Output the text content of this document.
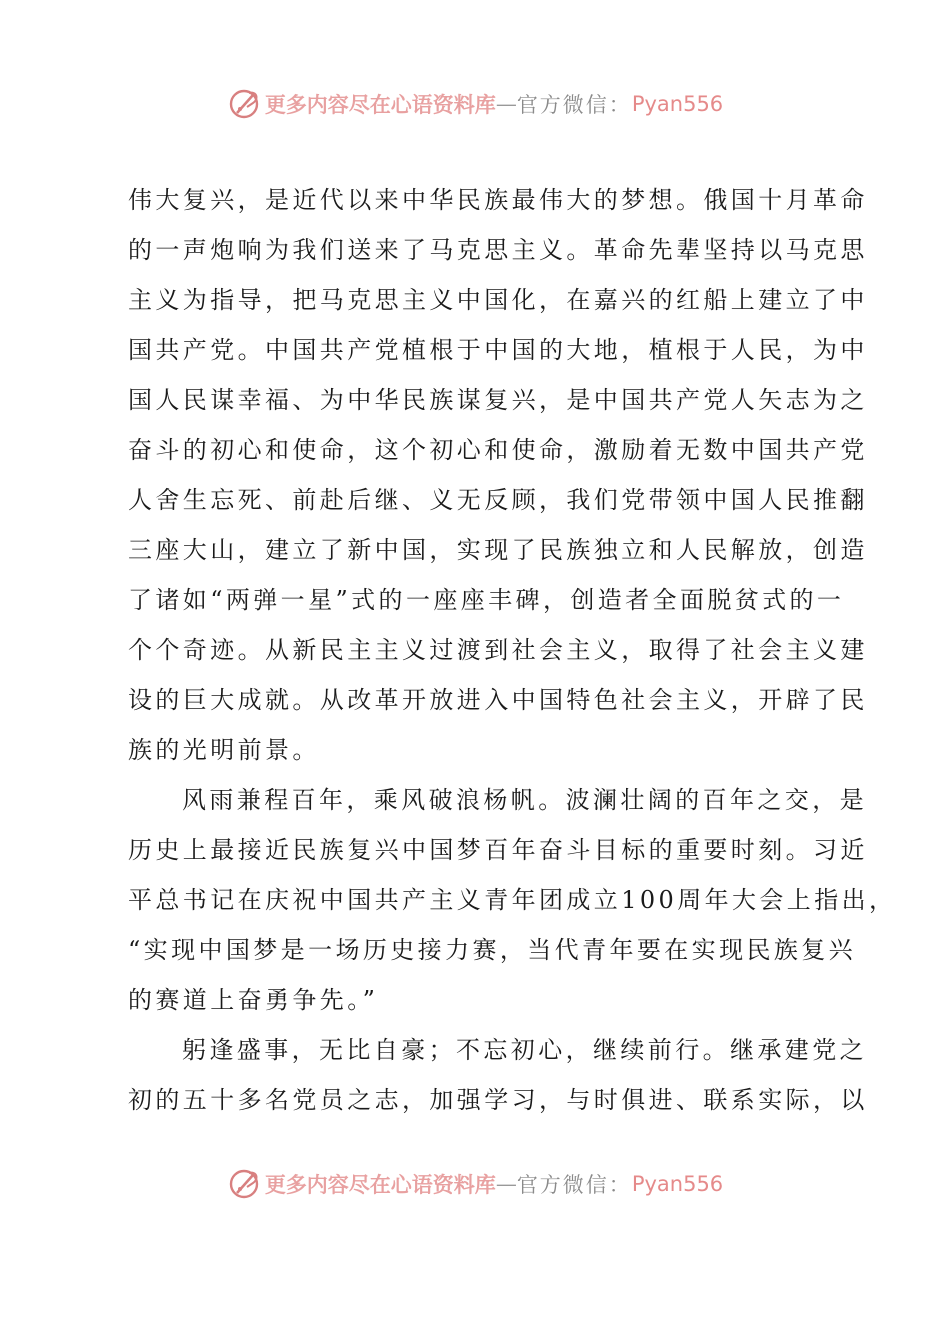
更多内容尽在心语资料库 — 官方微信： Pyan556
伟大复兴，是近代以来中华民族最伟大的梦想。俄国十月革命
的一声炮响为我们送来了马克思主义。革命先辈坚持以马克思
主义为指导，把马克思主义中国化，在嘉兴的红船上建立了中
国共产党。中国共产党植根于中国的大地，植根于人民，为中
国人民谋幸福、为中华民族谋复兴，是中国共产党人矢志为之
奋斗的初心和使命，这个初心和使命，激励着无数中国共产党
人舍生忘死、前赴后继、义无反顾，我们党带领中国人民推翻
三座大山，建立了新中国，实现了民族独立和人民解放，创造
了诸如“两弹一星”式的一座座丰碑，创造者全面脱贫式的一
个个奇迹。从新民主主义过渡到社会主义，取得了社会主义建
设的巨大成就。从改革开放进入中国特色社会主义，开辟了民
族的光明前景。
风雨兼程百年，乘风破浪杨帆。波澜壮阔的百年之交，是
历史上最接近民族复兴中国梦百年奋斗目标的重要时刻。习近
平总书记在庆祝中国共产主义青年团成立100周年大会上指出，
“实现中国梦是一场历史接力赛，当代青年要在实现民族复兴
的赛道上奋勇争先。”
躬逢盛事，无比自豪；不忘初心，继续前行。继承建党之
初的五十多名党员之志，加强学习，与时俱进、联系实际，以
更多内容尽在心语资料库 — 官方微信： Pyan556
